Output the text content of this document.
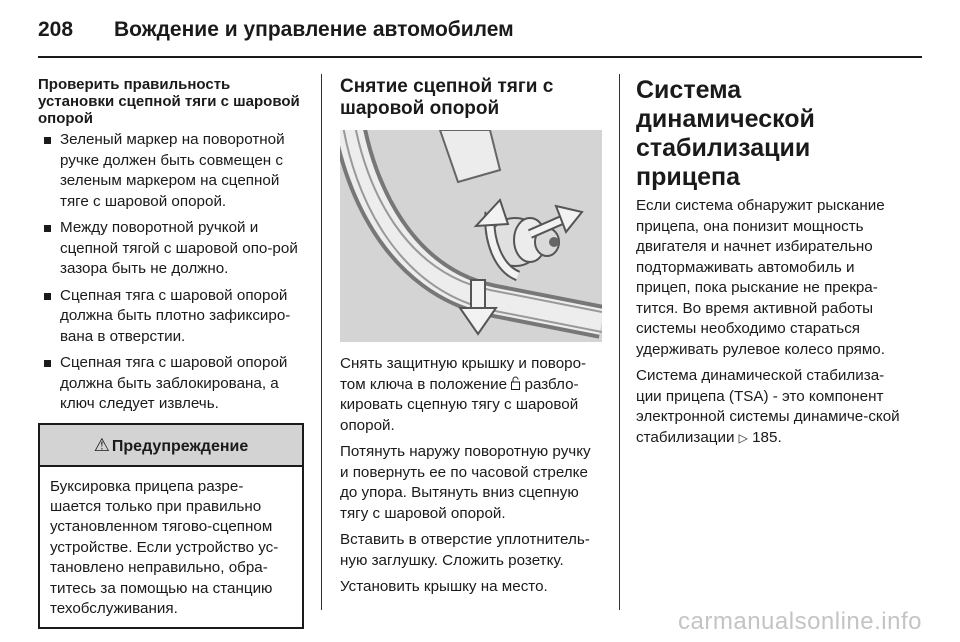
208 Вождение и управление автомобилем

Проверить правильность установки сцепной тяги с шаровой опорой

Зеленый маркер на поворотной ручке должен быть совмещен с зеленым маркером на сцепной тяге с шаровой опорой.
Между поворотной ручкой и сцепной тягой с шаровой опо-рой зазора быть не должно.
Сцепная тяга с шаровой опорой должна быть плотно зафиксиро-вана в отверстии.
Сцепная тяга с шаровой опорой должна быть заблокирована, а ключ следует извлечь.
⚠ Предупреждение
Буксировка прицепа разре-шается только при правильно установленном тягово-сцепном устройстве. Если устройство ус-тановлено неправильно, обра-титесь за помощью на станцию техобслуживания.

Снятие сцепной тяги с шаровой опорой

Снять защитную крышку и поворо-том ключа в положение  разбло-кировать сцепную тягу с шаровой опорой.

Потянуть наружу поворотную ручку и повернуть ее по часовой стрелке до упора. Вытянуть вниз сцепную тягу с шаровой опорой.

Вставить в отверстие уплотнитель-ную заглушку. Сложить розетку.

Установить крышку на место.

Система динамической стабилизации прицепа

Если система обнаружит рыскание прицепа, она понизит мощность двигателя и начнет избирательно подтормаживать автомобиль и прицеп, пока рыскание не прекра-тится. Во время активной работы системы необходимо стараться удерживать рулевое колесо прямо.

Система динамической стабилиза-ции прицепа (TSA) - это компонент электронной системы динамиче-ской стабилизации ▷ 185.

carmanualsonline.info
